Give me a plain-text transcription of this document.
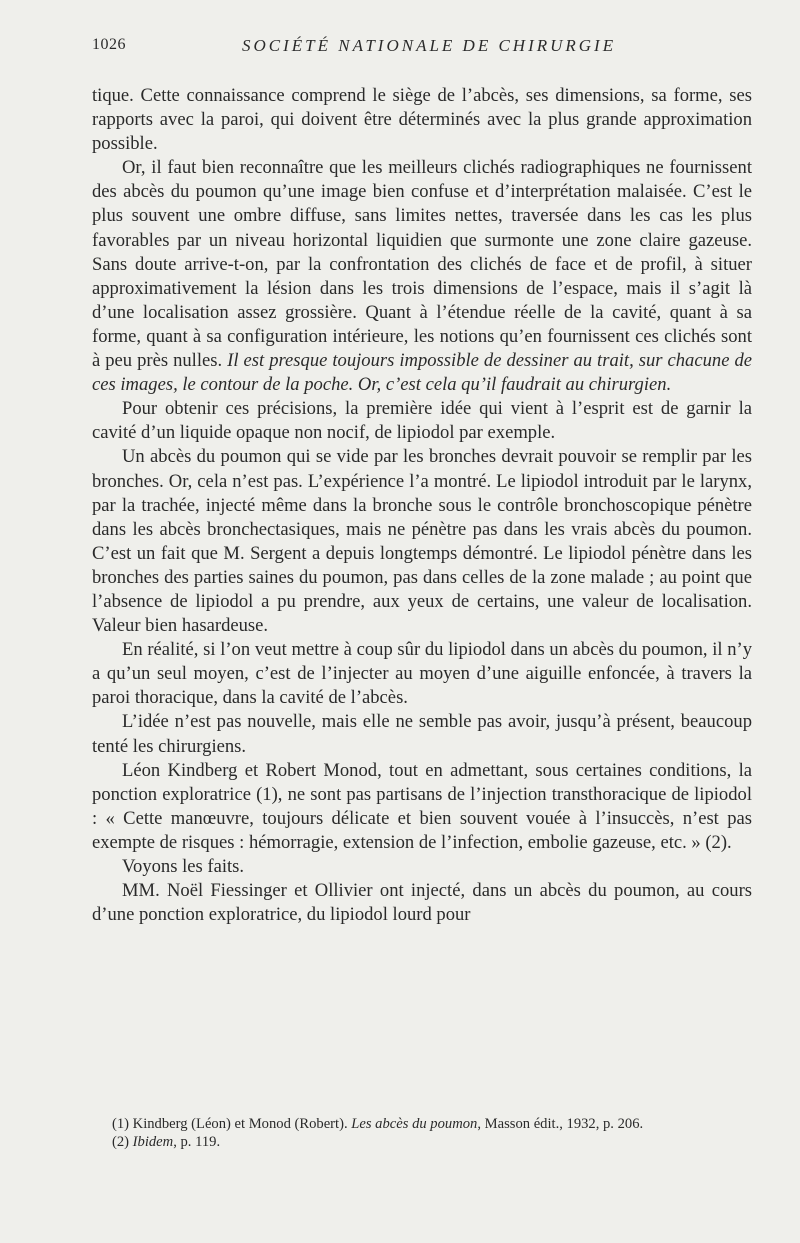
1026	SOCIÉTÉ NATIONALE DE CHIRURGIE

tique. Cette connaissance comprend le siège de l’abcès, ses dimensions, sa forme, ses rapports avec la paroi, qui doivent être déterminés avec la plus grande approximation possible.

Or, il faut bien reconnaître que les meilleurs clichés radiographiques ne fournissent des abcès du poumon qu’une image bien confuse et d’interprétation malaisée. C’est le plus souvent une ombre diffuse, sans limites nettes, traversée dans les cas les plus favorables par un niveau horizontal liquidien que surmonte une zone claire gazeuse. Sans doute arrive-t-on, par la confrontation des clichés de face et de profil, à situer approximativement la lésion dans les trois dimensions de l’espace, mais il s’agit là d’une localisation assez grossière. Quant à l’étendue réelle de la cavité, quant à sa forme, quant à sa configuration intérieure, les notions qu’en fournissent ces clichés sont à peu près nulles. Il est presque toujours impossible de dessiner au trait, sur chacune de ces images, le contour de la poche. Or, c’est cela qu’il faudrait au chirurgien.

Pour obtenir ces précisions, la première idée qui vient à l’esprit est de garnir la cavité d’un liquide opaque non nocif, de lipiodol par exemple.

Un abcès du poumon qui se vide par les bronches devrait pouvoir se remplir par les bronches. Or, cela n’est pas. L’expérience l’a montré. Le lipiodol introduit par le larynx, par la trachée, injecté même dans la bronche sous le contrôle bronchoscopique pénètre dans les abcès bronchectasiques, mais ne pénètre pas dans les vrais abcès du poumon. C’est un fait que M. Sergent a depuis longtemps démontré. Le lipiodol pénètre dans les bronches des parties saines du poumon, pas dans celles de la zone malade ; au point que l’absence de lipiodol a pu prendre, aux yeux de certains, une valeur de localisation. Valeur bien hasardeuse.

En réalité, si l’on veut mettre à coup sûr du lipiodol dans un abcès du poumon, il n’y a qu’un seul moyen, c’est de l’injecter au moyen d’une aiguille enfoncée, à travers la paroi thoracique, dans la cavité de l’abcès.

L’idée n’est pas nouvelle, mais elle ne semble pas avoir, jusqu’à présent, beaucoup tenté les chirurgiens.

Léon Kindberg et Robert Monod, tout en admettant, sous certaines conditions, la ponction exploratrice (1), ne sont pas partisans de l’injection transthoracique de lipiodol : « Cette manœuvre, toujours délicate et bien souvent vouée à l’insuccès, n’est pas exempte de risques : hémorragie, extension de l’infection, embolie gazeuse, etc. » (2).

Voyons les faits.

MM. Noël Fiessinger et Ollivier ont injecté, dans un abcès du poumon, au cours d’une ponction exploratrice, du lipiodol lourd pour

(1) Kindberg (Léon) et Monod (Robert). Les abcès du poumon, Masson édit., 1932, p. 206.

(2) Ibidem, p. 119.
